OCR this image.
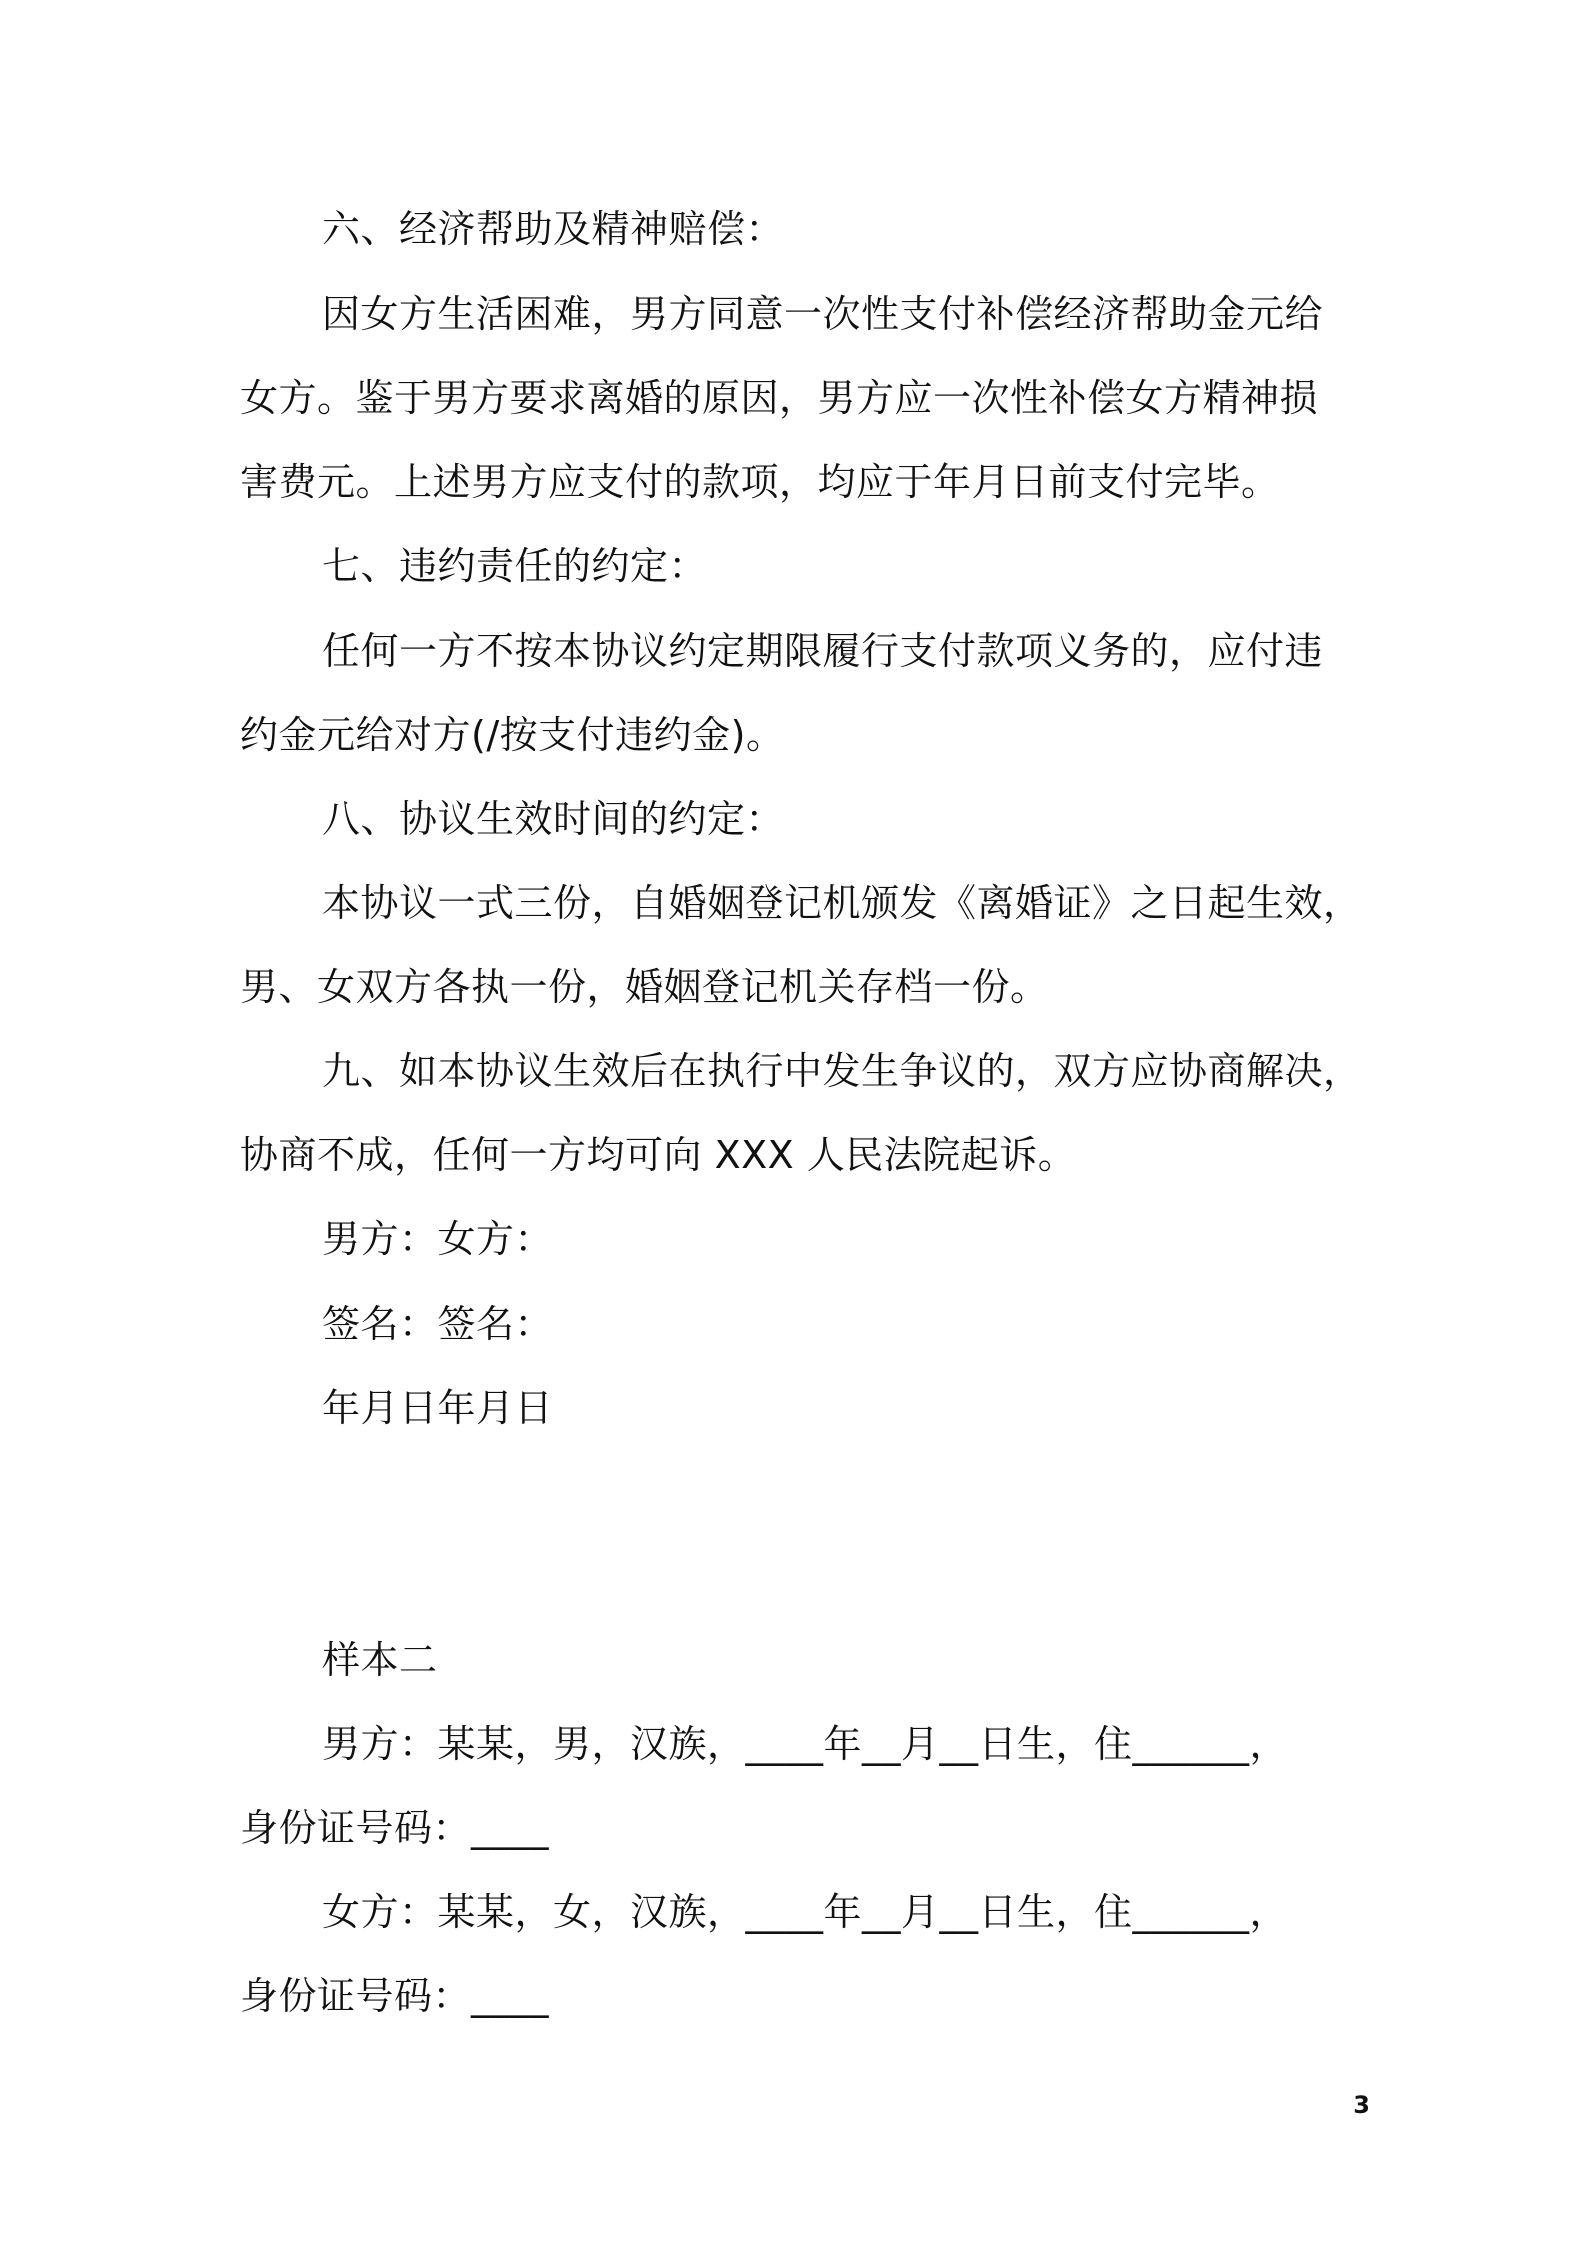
六、经济帮助及精神赔偿：
因女方生活困难，男方同意一次性支付补偿经济帮助金元给
女方。鉴于男方要求离婚的原因，男方应一次性补偿女方精神损
害费元。上述男方应支付的款项，均应于年月日前支付完毕。
七、违约责任的约定：
任何一方不按本协议约定期限履行支付款项义务的，应付违
约金元给对方(/按支付违约金)。
八、协议生效时间的约定：
本协议一式三份，自婚姻登记机颁发《离婚证》之日起生效，
男、女双方各执一份，婚姻登记机关存档一份。
九、如本协议生效后在执行中发生争议的，双方应协商解决，
协商不成，任何一方均可向 XXX 人民法院起诉。
男方：女方：
签名：签名：
年月日年月日
样本二
男方：某某，男，汉族，____年__月__日生，住______，
身份证号码：____
女方：某某，女，汉族，____年__月__日生，住______，
身份证号码：____
3
